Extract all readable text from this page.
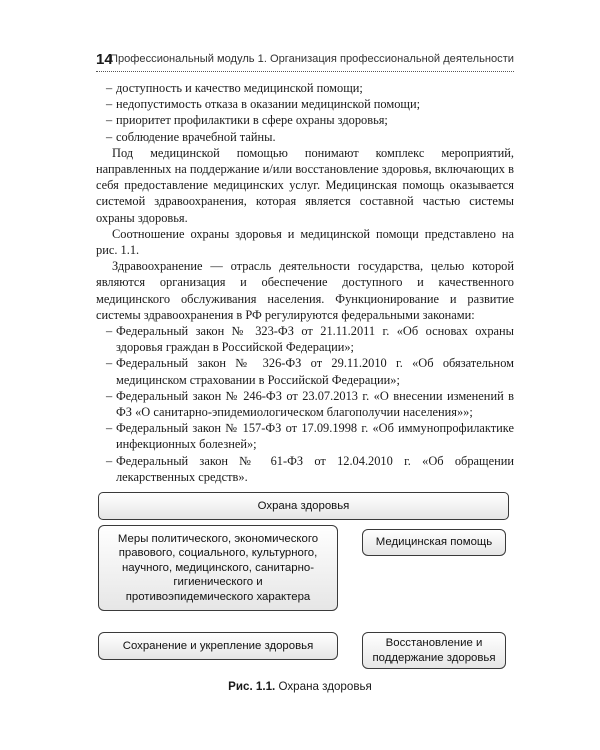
14
Профессиональный модуль 1. Организация профессиональной деятельности
– доступность и качество медицинской помощи;
– недопустимость отказа в оказании медицинской помощи;
– приоритет профилактики в сфере охраны здоровья;
– соблюдение врачебной тайны.

Под медицинской помощью понимают комплекс мероприятий, направленных на поддержание и/или восстановление здоровья, включающих в себя предоставление медицинских услуг. Медицинская помощь оказывается системой здравоохранения, которая является составной частью системы охраны здоровья.

Соотношение охраны здоровья и медицинской помощи представлено на рис. 1.1.

Здравоохранение — отрасль деятельности государства, целью которой являются организация и обеспечение доступного и качественного медицинского обслуживания населения. Функционирование и развитие системы здравоохранения в РФ регулируются федеральными законами:

– Федеральный закон № 323-ФЗ от 21.11.2011 г. «Об основах охраны здоровья граждан в Российской Федерации»;
– Федеральный закон № 326-ФЗ от 29.11.2010 г. «Об обязательном медицинском страховании в Российской Федерации»;
– Федеральный закон № 246-ФЗ от 23.07.2013 г. «О внесении изменений в ФЗ «О санитарно-эпидемиологическом благополучии населения»»;
– Федеральный закон № 157-ФЗ от 17.09.1998 г. «Об иммунопрофилактике инфекционных болезней»;
– Федеральный закон № 61-ФЗ от 12.04.2010 г. «Об обращении лекарственных средств».
Охрана здоровья
Меры политического, экономического правового, социального, культурного, научного, медицинского, санитарно-гигиенического и противоэпидемического характера
Медицинская помощь
Сохранение и укрепление здоровья	Восстановление и поддержание здоровья
Рис. 1.1. Охрана здоровья
